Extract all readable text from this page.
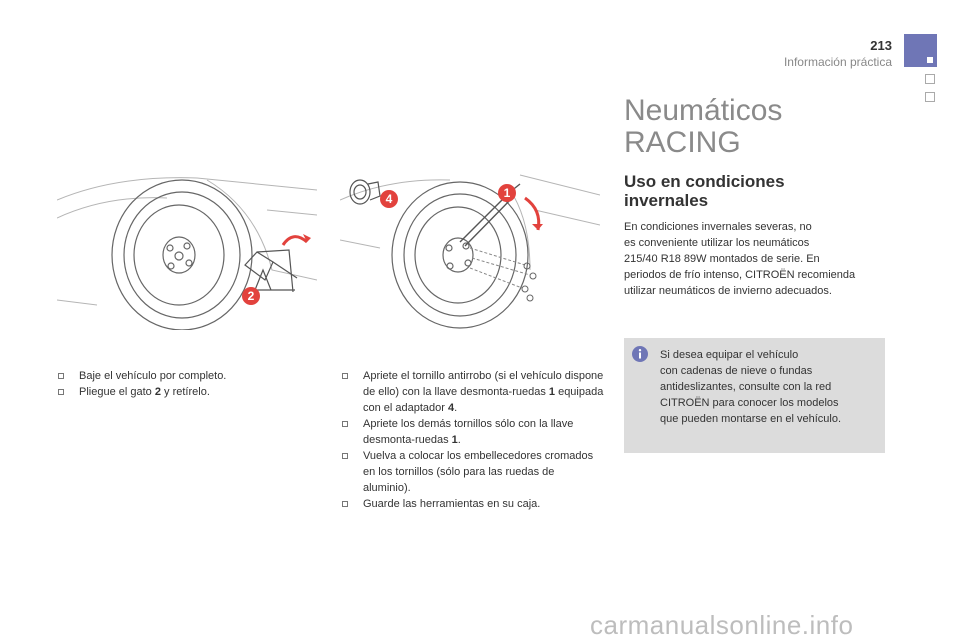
213
Información práctica
2
1
4
Baje el vehículo por completo.
Pliegue el gato 2 y retírelo.
Apriete el tornillo antirrobo (si el vehículo dispone de ello) con la llave desmonta-ruedas 1 equipada con el adaptador 4.
Apriete los demás tornillos sólo con la llave desmonta-ruedas 1.
Vuelva a colocar los embellecedores cromados en los tornillos (sólo para las ruedas de aluminio).
Guarde las herramientas en su caja.
Neumáticos
RACING
Uso en condiciones
invernales
En condiciones invernales severas, no
es conveniente utilizar los neumáticos
215/40 R18 89W montados de serie. En
periodos de frío intenso, CITROËN recomienda
utilizar neumáticos de invierno adecuados.
Si desea equipar el vehículo
con cadenas de nieve o fundas
antideslizantes, consulte con la red
CITROËN para conocer los modelos
que pueden montarse en el vehículo.
carmanualsonline.info
